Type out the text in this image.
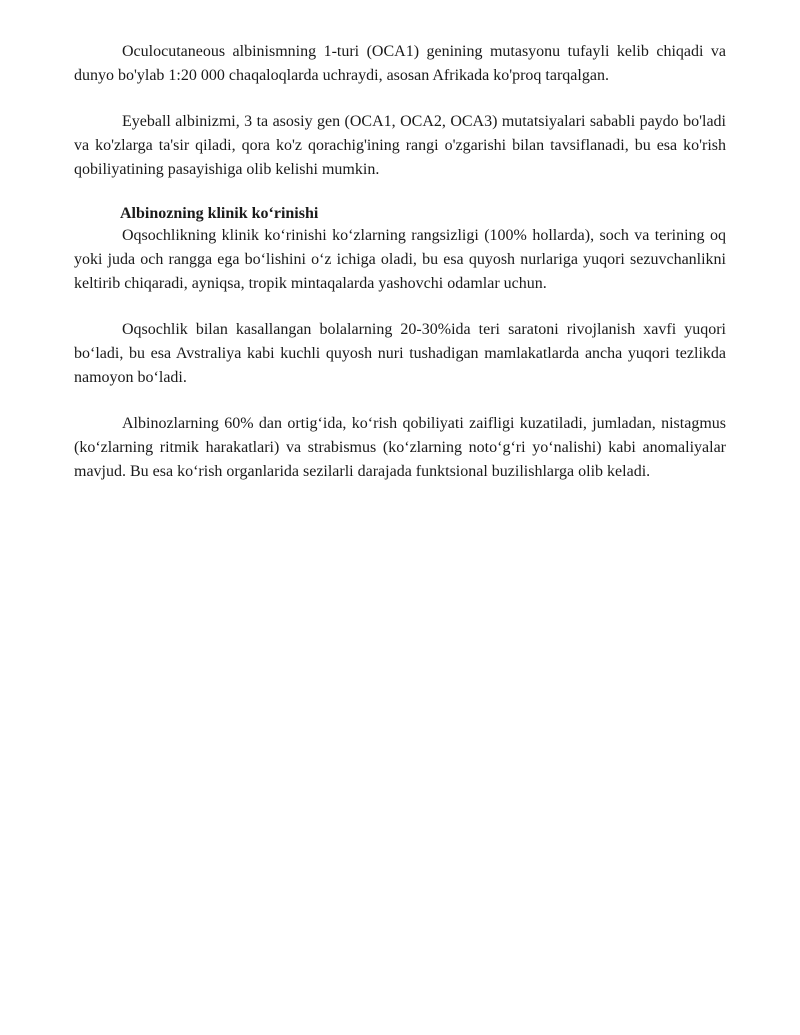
Oculocutaneous albinismning 1-turi (OCA1) genining mutasyonu tufayli kelib chiqadi va dunyo bo'ylab 1:20 000 chaqaloqlarda uchraydi, asosan Afrikada ko'proq tarqalgan.

Eyeball albinizmi, 3 ta asosiy gen (OCA1, OCA2, OCA3) mutatsiyalari sababli paydo bo'ladi va ko'zlarga ta'sir qiladi, qora ko'z qorachig'ining rangi o'zgarishi bilan tavsiflanadi, bu esa ko'rish qobiliyatining pasayishiga olib kelishi mumkin.

Albinozning klinik ko‘rinishi

Oqsochlikning klinik ko‘rinishi ko‘zlarning rangsizligi (100% hollarda), soch va terining oq yoki juda och rangga ega bo‘lishini o‘z ichiga oladi, bu esa quyosh nurlariga yuqori sezuvchanlikni keltirib chiqaradi, ayniqsa, tropik mintaqalarda yashovchi odamlar uchun.

Oqsochlik bilan kasallangan bolalarning 20-30%ida teri saratoni rivojlanish xavfi yuqori bo‘ladi, bu esa Avstraliya kabi kuchli quyosh nuri tushadigan mamlakatlarda ancha yuqori tezlikda namoyon bo‘ladi.

Albinozlarning 60% dan ortig‘ida, ko‘rish qobiliyati zaifligi kuzatiladi, jumladan, nistagmus (ko‘zlarning ritmik harakatlari) va strabismus (ko‘zlarning noto‘g‘ri yo‘nalishi) kabi anomaliyalar mavjud. Bu esa ko‘rish organlarida sezilarli darajada funktsional buzilishlarga olib keladi.
